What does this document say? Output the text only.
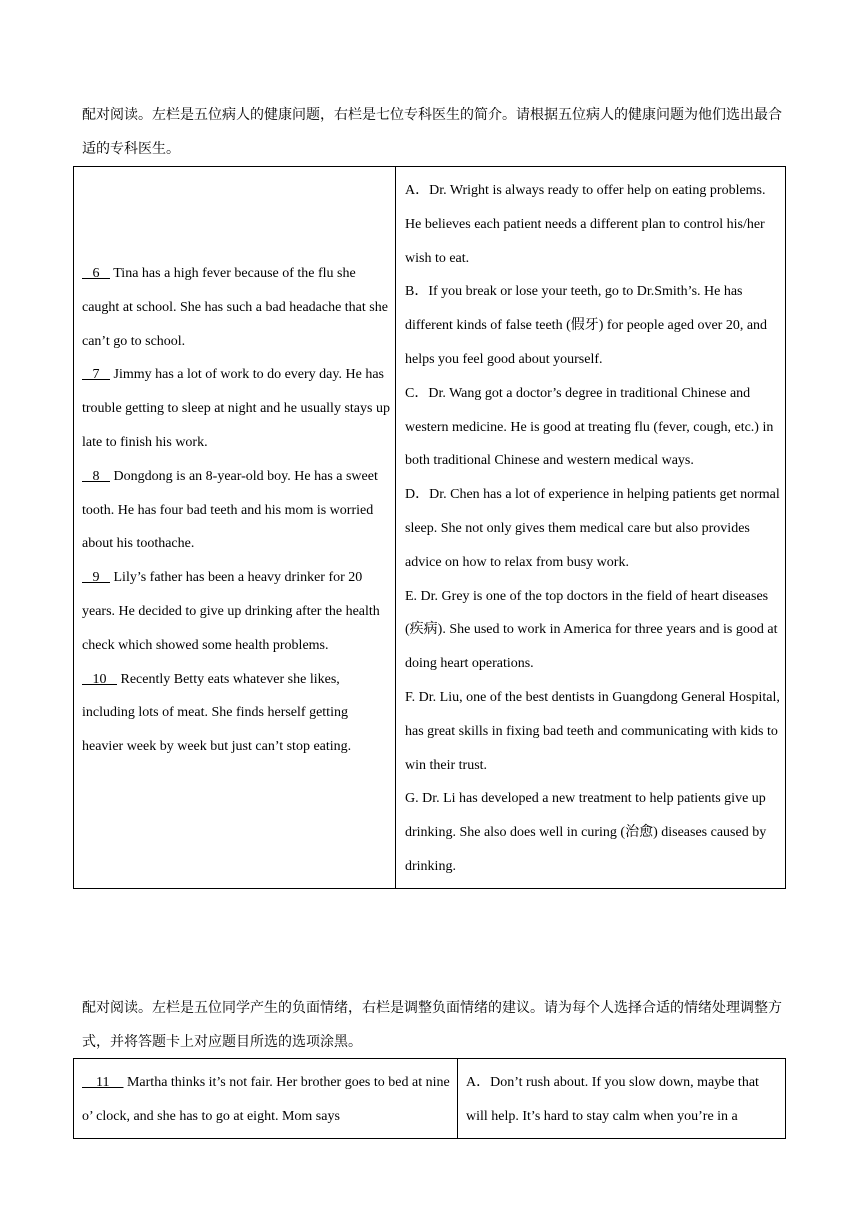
配对阅读。左栏是五位病人的健康问题，右栏是七位专科医生的简介。请根据五位病人的健康问题为他们选出最合适的专科医生。

6    Tina has a high fever because of the flu she caught at school. She has such a bad headache that she can’t go to school.

7    Jimmy has a lot of work to do every day. He has trouble getting to sleep at night and he usually stays up late to finish his work.

8    Dongdong is an 8-year-old boy. He has a sweet tooth. He has four bad teeth and his mom is worried about his toothache.

9    Lily’s father has been a heavy drinker for 20 years. He decided to give up drinking after the health check which showed some health problems.

10    Recently Betty eats whatever she likes, including lots of meat. She finds herself getting heavier week by week but just can’t stop eating.

A．Dr. Wright is always ready to offer help on eating problems. He believes each patient needs a different plan to control his/her wish to eat.

B．If you break or lose your teeth, go to Dr.Smith’s. He has different kinds of false teeth (假牙) for people aged over 20, and helps you feel good about yourself.

C．Dr. Wang got a doctor’s degree in traditional Chinese and western medicine. He is good at treating flu (fever, cough, etc.) in both traditional Chinese and western medical ways.

D．Dr. Chen has a lot of experience in helping patients get normal sleep. She not only gives them medical care but also provides advice on how to relax from busy work.

E. Dr. Grey is one of the top doctors in the field of heart diseases (疾病). She used to work in America for three years and is good at doing heart operations.

F. Dr. Liu, one of the best dentists in Guangdong General Hospital, has great skills in fixing bad teeth and communicating with kids to win their trust.

G. Dr. Li has developed a new treatment to help patients give up drinking. She also does well in curing (治愈) diseases caused by drinking.

配对阅读。左栏是五位同学产生的负面情绪，右栏是调整负面情绪的建议。请为每个人选择合适的情绪处理调整方式，并将答题卡上对应题目所选的选项涂黑。

11     Martha thinks it’s not fair. Her brother goes to bed at nine o’ clock, and she has to go at eight. Mom says

A．Don’t rush about. If you slow down, maybe that will help. It’s hard to stay calm when you’re in a
